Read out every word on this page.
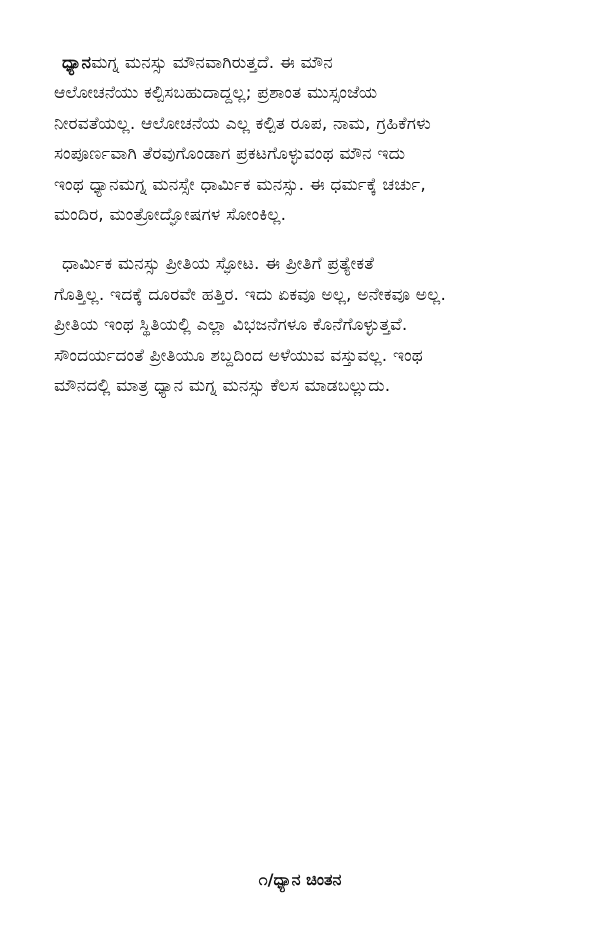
ಧ್ಯಾನಮಗ್ನ ಮನಸ್ಸು ಮೌನವಾಗಿರುತ್ತದೆ. ಈ ಮೌನ
ಆಲೋಚನೆಯು ಕಲ್ಪಿಸಬಹುದಾದ್ದಲ್ಲ; ಪ್ರಶಾಂತ ಮುಸ್ಸಂಜೆಯ
ನೀರವತೆಯಲ್ಲ. ಆಲೋಚನೆಯ ಎಲ್ಲ ಕಲ್ಪಿತ ರೂಪ, ನಾಮ, ಗ್ರಹಿಕೆಗಳು
ಸಂಪೂರ್ಣವಾಗಿ ತೆರವುಗೊಂಡಾಗ ಪ್ರಕಟಗೊಳ್ಳುವಂಥ ಮೌನ ಇದು
ಇಂಥ ಧ್ಯಾನಮಗ್ನ ಮನಸ್ಸೇ ಧಾರ್ಮಿಕ ಮನಸ್ಸು. ಈ ಧರ್ಮಕ್ಕೆ ಚರ್ಚು,
ಮಂದಿರ, ಮಂತ್ರೋದ್ಘೋಷಗಳ ಸೋಂಕಿಲ್ಲ.
ಧಾರ್ಮಿಕ ಮನಸ್ಸು ಪ್ರೀತಿಯ ಸ್ಫೋಟ. ಈ ಪ್ರೀತಿಗೆ ಪ್ರತ್ಯೇಕತೆ
ಗೊತ್ತಿಲ್ಲ. ಇದಕ್ಕೆ ದೂರವೇ ಹತ್ತಿರ. ಇದು ಏಕವೂ ಅಲ್ಲ, ಅನೇಕವೂ ಅಲ್ಲ.
ಪ್ರೀತಿಯ ಇಂಥ ಸ್ಥಿತಿಯಲ್ಲಿ ಎಲ್ಲಾ ವಿಭಜನೆಗಳೂ ಕೊನೆಗೊಳ್ಳುತ್ತವೆ.
ಸೌಂದರ್ಯದಂತೆ ಪ್ರೀತಿಯೂ ಶಬ್ದದಿಂದ ಅಳೆಯುವ ವಸ್ತುವಲ್ಲ. ಇಂಥ
ಮೌನದಲ್ಲಿ ಮಾತ್ರ ಧ್ಯಾನ ಮಗ್ನ ಮನಸ್ಸು ಕೆಲಸ ಮಾಡಬಲ್ಲುದು.
೧/ಧ್ಯಾನ ಚಿಂತನ
